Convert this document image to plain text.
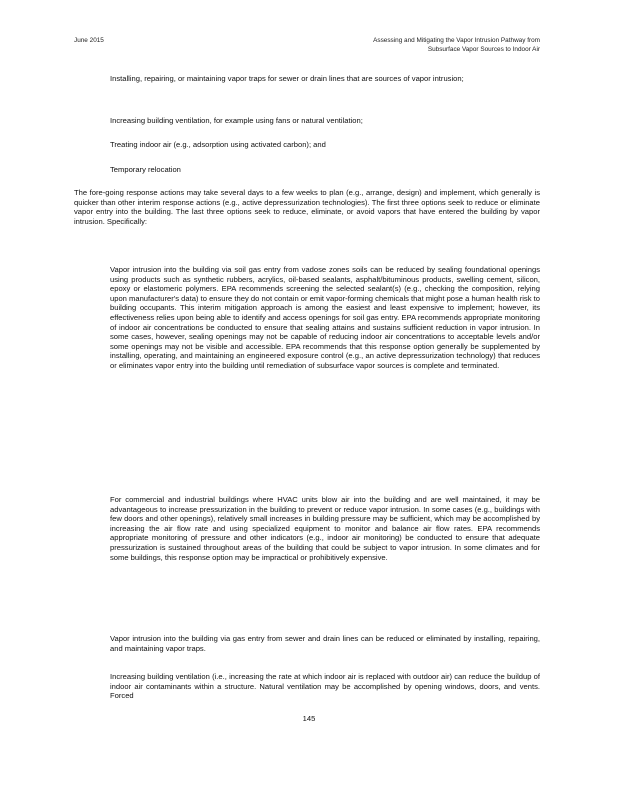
June 2015	Assessing and Mitigating the Vapor Intrusion Pathway from
Subsurface Vapor Sources to Indoor Air
Installing, repairing, or maintaining vapor traps for sewer or drain lines that are sources of vapor intrusion;
Increasing building ventilation, for example using fans or natural ventilation;
Treating indoor air (e.g., adsorption using activated carbon); and
Temporary relocation
The fore-going response actions may take several days to a few weeks to plan (e.g., arrange, design) and implement, which generally is quicker than other interim response actions (e.g., active depressurization technologies). The first three options seek to reduce or eliminate vapor entry into the building. The last three options seek to reduce, eliminate, or avoid vapors that have entered the building by vapor intrusion. Specifically:
Vapor intrusion into the building via soil gas entry from vadose zones soils can be reduced by sealing foundational openings using products such as synthetic rubbers, acrylics, oil-based sealants, asphalt/bituminous products, swelling cement, silicon, epoxy or elastomeric polymers. EPA recommends screening the selected sealant(s) (e.g., checking the composition, relying upon manufacturer's data) to ensure they do not contain or emit vapor-forming chemicals that might pose a human health risk to building occupants. This interim mitigation approach is among the easiest and least expensive to implement; however, its effectiveness relies upon being able to identify and access openings for soil gas entry. EPA recommends appropriate monitoring of indoor air concentrations be conducted to ensure that sealing attains and sustains sufficient reduction in vapor intrusion. In some cases, however, sealing openings may not be capable of reducing indoor air concentrations to acceptable levels and/or some openings may not be visible and accessible. EPA recommends that this response option generally be supplemented by installing, operating, and maintaining an engineered exposure control (e.g., an active depressurization technology) that reduces or eliminates vapor entry into the building until remediation of subsurface vapor sources is complete and terminated.
For commercial and industrial buildings where HVAC units blow air into the building and are well maintained, it may be advantageous to increase pressurization in the building to prevent or reduce vapor intrusion. In some cases (e.g., buildings with few doors and other openings), relatively small increases in building pressure may be sufficient, which may be accomplished by increasing the air flow rate and using specialized equipment to monitor and balance air flow rates. EPA recommends appropriate monitoring of pressure and other indicators (e.g., indoor air monitoring) be conducted to ensure that adequate pressurization is sustained throughout areas of the building that could be subject to vapor intrusion. In some climates and for some buildings, this response option may be impractical or prohibitively expensive.
Vapor intrusion into the building via gas entry from sewer and drain lines can be reduced or eliminated by installing, repairing, and maintaining vapor traps.
Increasing building ventilation (i.e., increasing the rate at which indoor air is replaced with outdoor air) can reduce the buildup of indoor air contaminants within a structure. Natural ventilation may be accomplished by opening windows, doors, and vents. Forced
145
